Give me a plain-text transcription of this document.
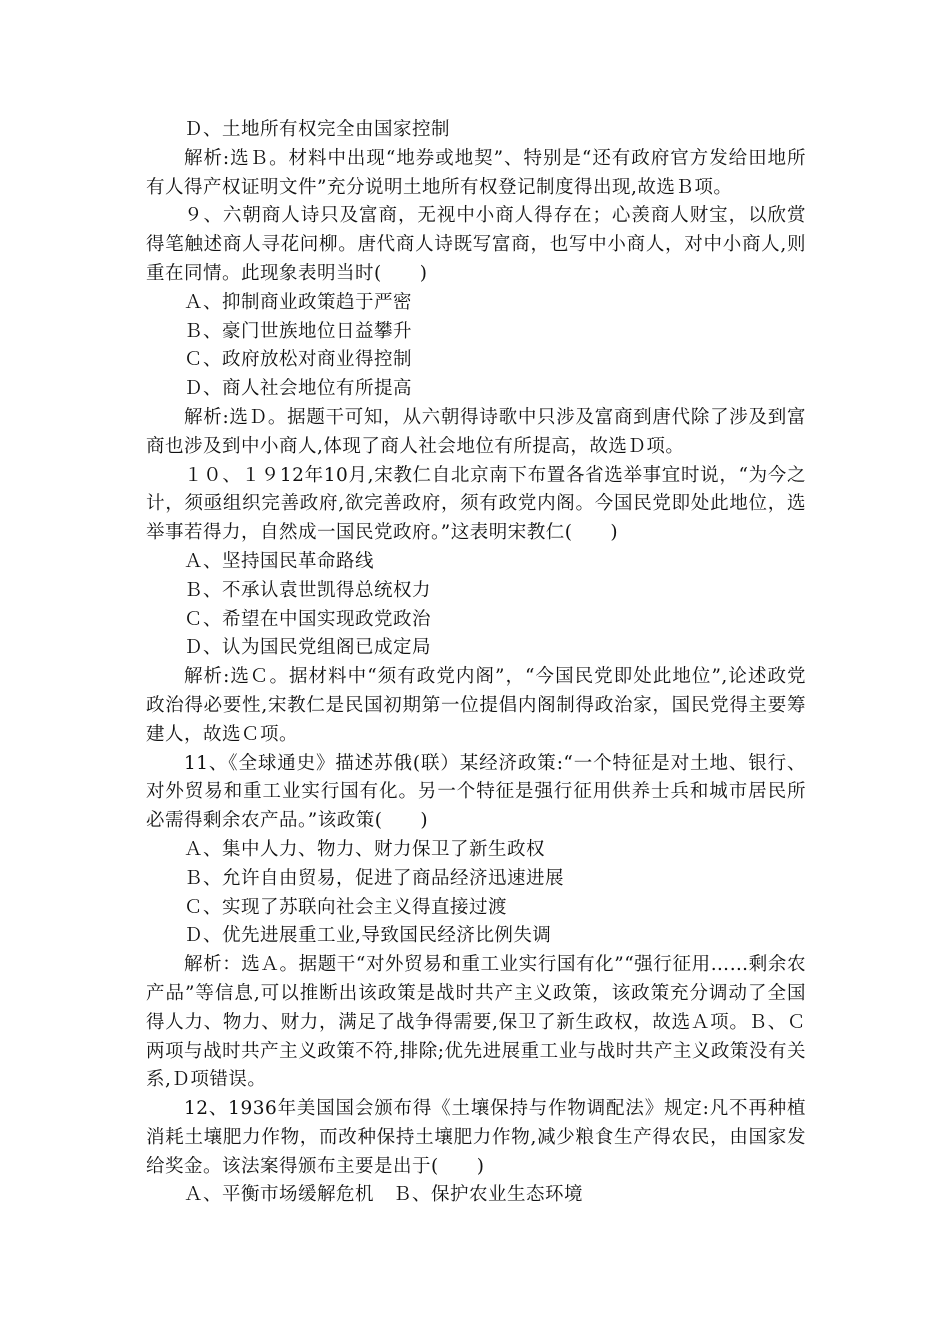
Ｄ、土地所有权完全由国家控制

解析:选Ｂ。材料中出现“地券或地契”、特别是“还有政府官方发给田地所有人得产权证明文件”充分说明土地所有权登记制度得出现,故选Ｂ项。

９、六朝商人诗只及富商，无视中小商人得存在；心羡商人财宝，以欣赏得笔触述商人寻花问柳。唐代商人诗既写富商，也写中小商人，对中小商人,则重在同情。此现象表明当时(　　)

Ａ、抑制商业政策趋于严密

Ｂ、豪门世族地位日益攀升

Ｃ、政府放松对商业得控制

Ｄ、商人社会地位有所提高

解析:选Ｄ。据题干可知，从六朝得诗歌中只涉及富商到唐代除了涉及到富商也涉及到中小商人,体现了商人社会地位有所提高，故选Ｄ项。

１０、１９12年10月,宋教仁自北京南下布置各省选举事宜时说，“为今之计，须亟组织完善政府,欲完善政府，须有政党内阁。今国民党即处此地位，选举事若得力，自然成一国民党政府。”这表明宋教仁(　　)

Ａ、坚持国民革命路线

Ｂ、不承认袁世凯得总统权力

Ｃ、希望在中国实现政党政治

Ｄ、认为国民党组阁已成定局

解析:选Ｃ。据材料中“须有政党内阁”，“今国民党即处此地位”,论述政党政治得必要性,宋教仁是民国初期第一位提倡内阁制得政治家，国民党得主要筹建人，故选Ｃ项。

11、《全球通史》描述苏俄(联）某经济政策:“一个特征是对土地、银行、对外贸易和重工业实行国有化。另一个特征是强行征用供养士兵和城市居民所必需得剩余农产品。”该政策(　　)

Ａ、集中人力、物力、财力保卫了新生政权

Ｂ、允许自由贸易，促进了商品经济迅速进展

Ｃ、实现了苏联向社会主义得直接过渡

Ｄ、优先进展重工业,导致国民经济比例失调

解析：选Ａ。据题干“对外贸易和重工业实行国有化”“强行征用……剩余农产品”等信息,可以推断出该政策是战时共产主义政策，该政策充分调动了全国得人力、物力、财力，满足了战争得需要,保卫了新生政权，故选Ａ项。Ｂ、Ｃ两项与战时共产主义政策不符,排除;优先进展重工业与战时共产主义政策没有关系,Ｄ项错误。

12、1936年美国国会颁布得《土壤保持与作物调配法》规定:凡不再种植消耗土壤肥力作物，而改种保持土壤肥力作物,减少粮食生产得农民，由国家发给奖金。该法案得颁布主要是出于(　　)

Ａ、平衡市场缓解危机　Ｂ、保护农业生态环境
